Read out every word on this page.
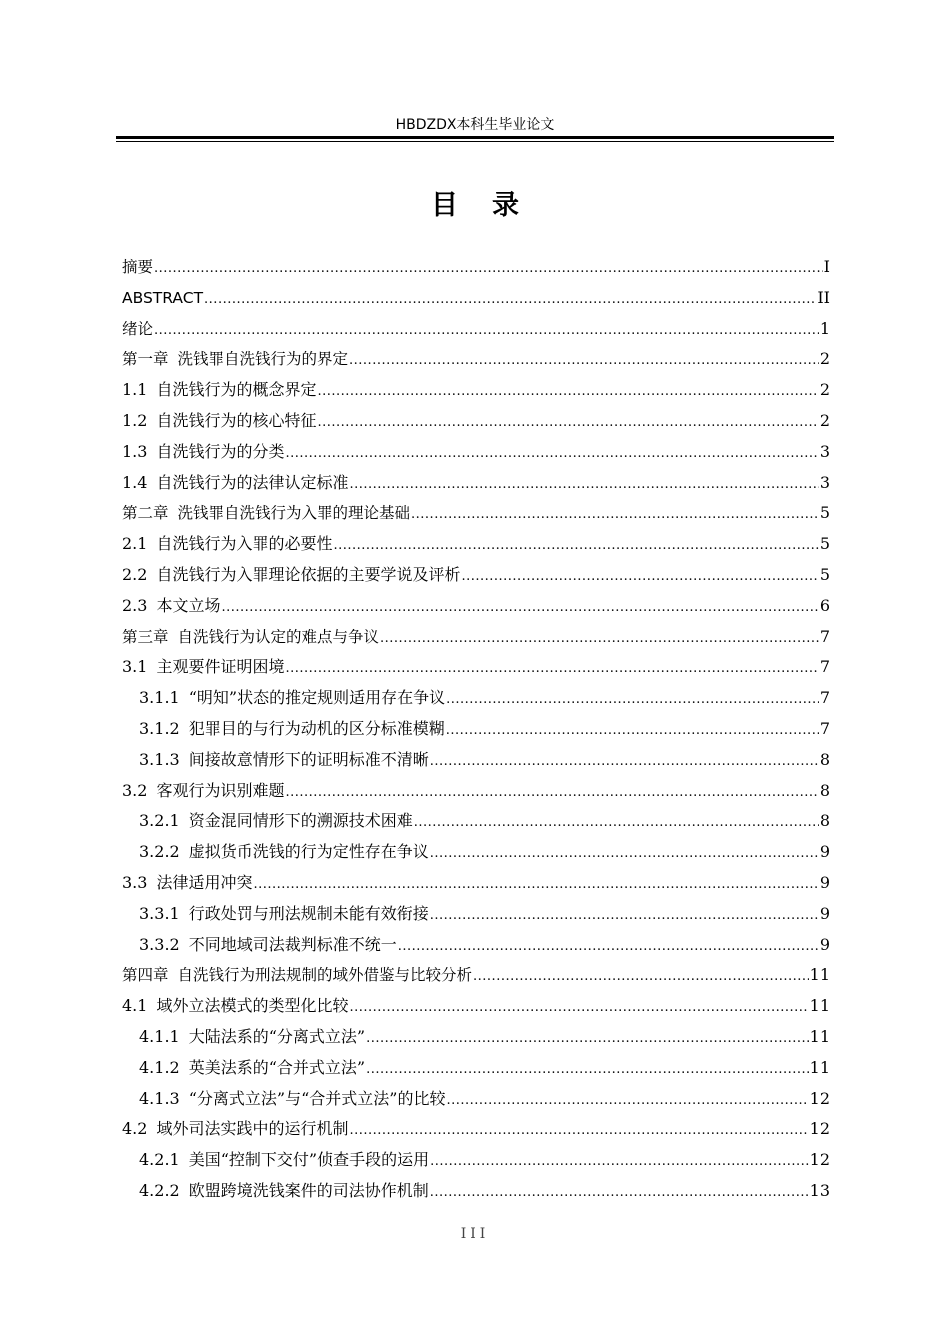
HBDZDX本科生毕业论文
目录
摘要 .....	I
ABSTRACT .....	II
绪论 .....	1
第一章 洗钱罪自洗钱行为的界定 .....	2
1.1 自洗钱行为的概念界定 .....	2
1.2 自洗钱行为的核心特征 .....	2
1.3 自洗钱行为的分类 .....	3
1.4 自洗钱行为的法律认定标准 .....	3
第二章 洗钱罪自洗钱行为入罪的理论基础 .....	5
2.1 自洗钱行为入罪的必要性 .....	5
2.2 自洗钱行为入罪理论依据的主要学说及评析 .....	5
2.3 本文立场 .....	6
第三章 自洗钱行为认定的难点与争议 .....	7
3.1 主观要件证明困境 .....	7
3.1.1 “明知”状态的推定规则适用存在争议 .....	7
3.1.2 犯罪目的与行为动机的区分标准模糊 .....	7
3.1.3 间接故意情形下的证明标准不清晰 .....	8
3.2 客观行为识别难题 .....	8
3.2.1 资金混同情形下的溯源技术困难 .....	8
3.2.2 虚拟货币洗钱的行为定性存在争议 .....	9
3.3 法律适用冲突 .....	9
3.3.1 行政处罚与刑法规制未能有效衔接 .....	9
3.3.2 不同地域司法裁判标准不统一 .....	9
第四章 自洗钱行为刑法规制的域外借鉴与比较分析 .....	11
4.1 域外立法模式的类型化比较 .....	11
4.1.1 大陆法系的“分离式立法” .....	11
4.1.2 英美法系的“合并式立法” .....	11
4.1.3 “分离式立法”与“合并式立法”的比较 .....	12
4.2 域外司法实践中的运行机制 .....	12
4.2.1 美国“控制下交付”侦查手段的运用 .....	12
4.2.2 欧盟跨境洗钱案件的司法协作机制 .....	13
III
